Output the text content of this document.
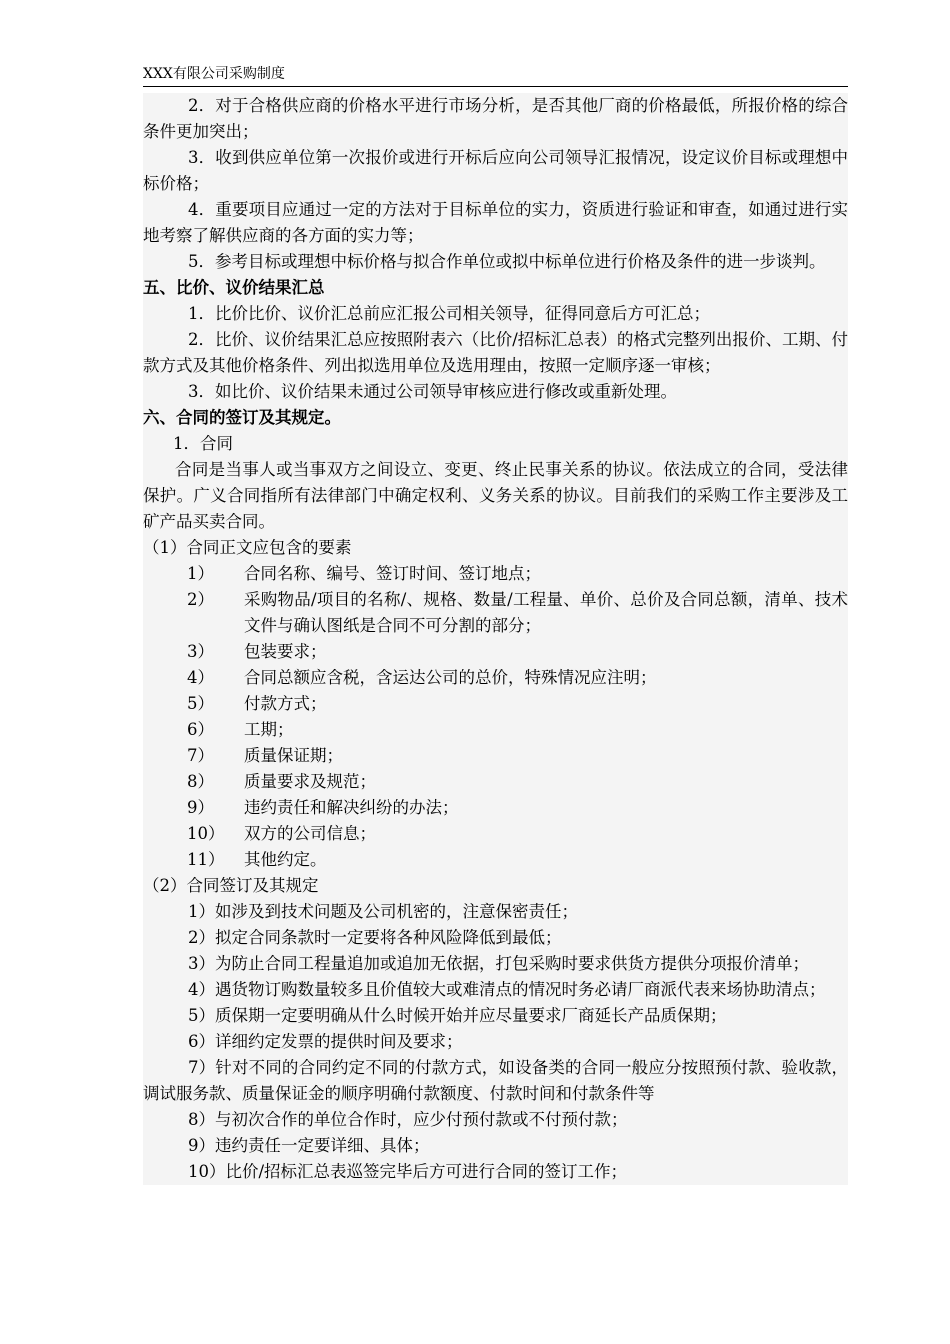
XXX有限公司采购制度
2．对于合格供应商的价格水平进行市场分析，是否其他厂商的价格最低，所报价格的综合条件更加突出；
3．收到供应单位第一次报价或进行开标后应向公司领导汇报情况，设定议价目标或理想中标价格；
4．重要项目应通过一定的方法对于目标单位的实力，资质进行验证和审查，如通过进行实地考察了解供应商的各方面的实力等；
5．参考目标或理想中标价格与拟合作单位或拟中标单位进行价格及条件的进一步谈判。
五、比价、议价结果汇总
1．比价比价、议价汇总前应汇报公司相关领导，征得同意后方可汇总；
2．比价、议价结果汇总应按照附表六（比价/招标汇总表）的格式完整列出报价、工期、付款方式及其他价格条件、列出拟选用单位及选用理由，按照一定顺序逐一审核；
3．如比价、议价结果未通过公司领导审核应进行修改或重新处理。
六、合同的签订及其规定。
1．合同
合同是当事人或当事双方之间设立、变更、终止民事关系的协议。依法成立的合同，受法律保护。广义合同指所有法律部门中确定权利、义务关系的协议。目前我们的采购工作主要涉及工矿产品买卖合同。
（1）合同正文应包含的要素
1）	合同名称、编号、签订时间、签订地点；
2）	采购物品/项目的名称/、规格、数量/工程量、单价、总价及合同总额，清单、技术文件与确认图纸是合同不可分割的部分；
3）	包装要求；
4）	合同总额应含税，含运达公司的总价，特殊情况应注明；
5）	付款方式；
6）	工期；
7）	质量保证期；
8）	质量要求及规范；
9）	违约责任和解决纠纷的办法；
10）	双方的公司信息；
11）	其他约定。
（2）合同签订及其规定
1）如涉及到技术问题及公司机密的，注意保密责任；
2）拟定合同条款时一定要将各种风险降低到最低；
3）为防止合同工程量追加或追加无依据，打包采购时要求供货方提供分项报价清单；
4）遇货物订购数量较多且价值较大或难清点的情况时务必请厂商派代表来场协助清点；
5）质保期一定要明确从什么时候开始并应尽量要求厂商延长产品质保期；
6）详细约定发票的提供时间及要求；
7）针对不同的合同约定不同的付款方式，如设备类的合同一般应分按照预付款、验收款，调试服务款、质量保证金的顺序明确付款额度、付款时间和付款条件等
8）与初次合作的单位合作时，应少付预付款或不付预付款；
9）违约责任一定要详细、具体；
10）比价/招标汇总表巡签完毕后方可进行合同的签订工作；
